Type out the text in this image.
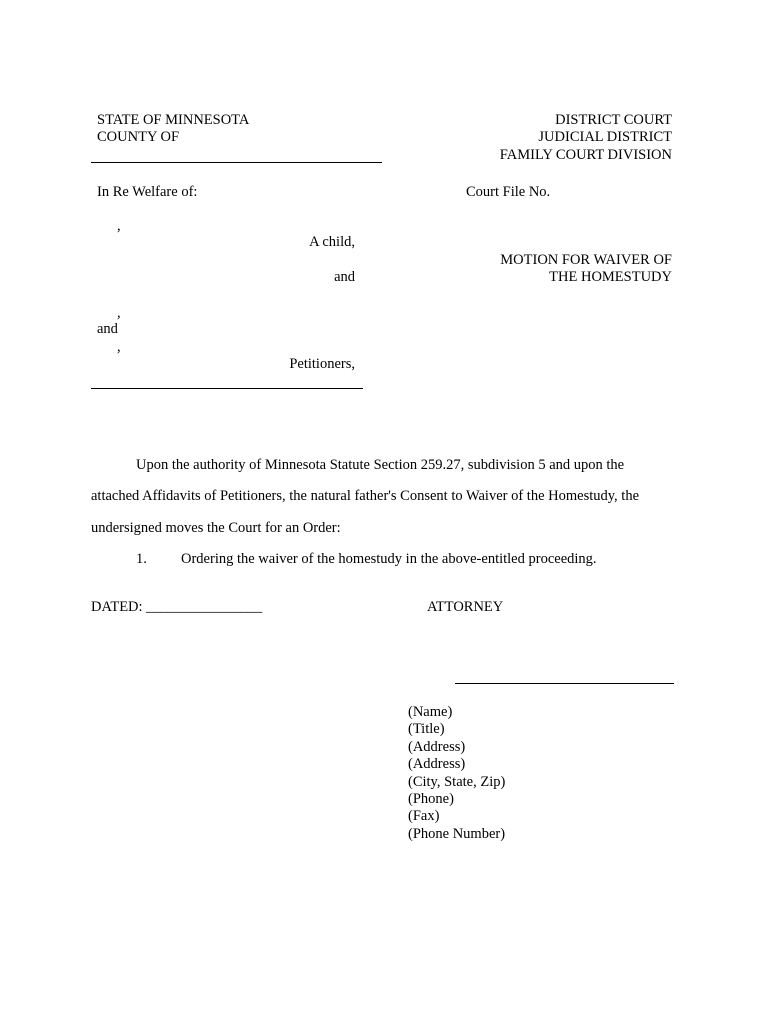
STATE OF MINNESOTA
COUNTY OF
DISTRICT COURT
JUDICIAL DISTRICT
FAMILY COURT DIVISION
In Re Welfare of:	Court File No.
,
A child,
and
MOTION FOR WAIVER OF
THE HOMESTUDY
,
and
,
Petitioners,
Upon the authority of Minnesota Statute Section 259.27, subdivision 5 and upon the
attached Affidavits of Petitioners, the natural father's Consent to Waiver of the Homestudy, the
undersigned moves the Court for an Order:
1. Ordering the waiver of the homestudy in the above-entitled proceeding.
DATED: ________________	ATTORNEY
(Name)
(Title)
(Address)
(Address)
(City, State, Zip)
(Phone)
(Fax)
(Phone Number)
